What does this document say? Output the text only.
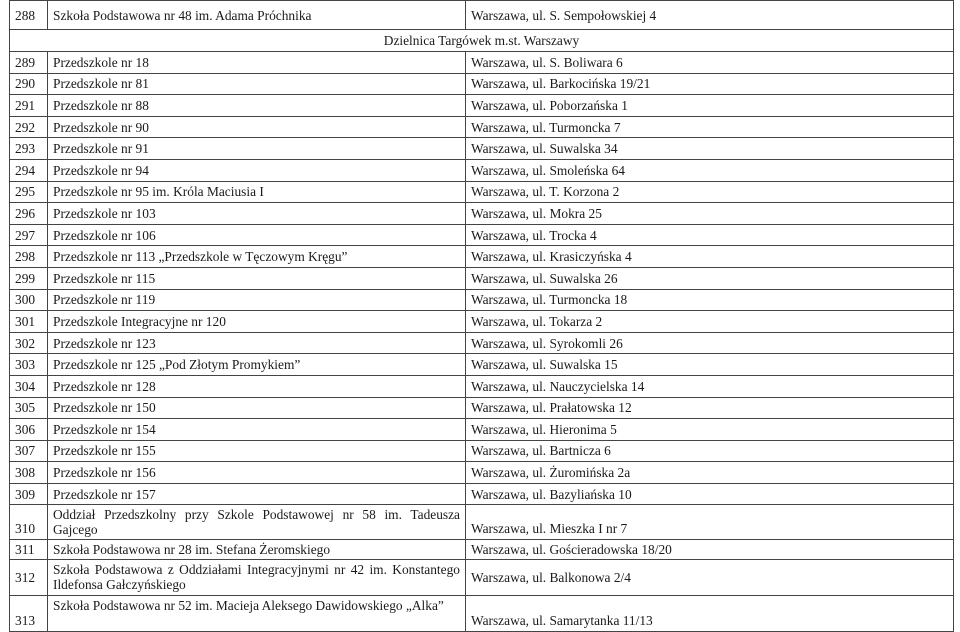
288	Szkoła Podstawowa nr 48 im. Adama Próchnika	Warszawa, ul. S. Sempołowskiej 4
Dzielnica Targówek m.st. Warszawy		
289	Przedszkole nr 18	Warszawa, ul. S. Boliwara 6
290	Przedszkole nr 81	Warszawa, ul. Barkocińska 19/21
291	Przedszkole nr 88	Warszawa, ul. Poborzańska 1
292	Przedszkole nr 90	Warszawa, ul. Turmoncka 7
293	Przedszkole nr 91	Warszawa, ul. Suwalska 34
294	Przedszkole nr 94	Warszawa, ul. Smoleńska 64
295	Przedszkole nr 95 im. Króla Maciusia I	Warszawa, ul. T. Korzona 2
296	Przedszkole nr 103	Warszawa, ul. Mokra 25
297	Przedszkole nr 106	Warszawa, ul. Trocka 4
298	Przedszkole nr 113 „Przedszkole w Tęczowym Kręgu”	Warszawa, ul. Krasiczyńska 4
299	Przedszkole nr 115	Warszawa, ul. Suwalska 26
300	Przedszkole nr 119	Warszawa, ul. Turmoncka 18
301	Przedszkole Integracyjne nr 120	Warszawa, ul. Tokarza 2
302	Przedszkole nr 123	Warszawa, ul. Syrokomli 26
303	Przedszkole nr 125 „Pod Złotym Promykiem”	Warszawa, ul. Suwalska 15
304	Przedszkole nr 128	Warszawa, ul. Nauczycielska 14
305	Przedszkole nr 150	Warszawa, ul. Prałatowska 12
306	Przedszkole nr 154	Warszawa, ul. Hieronima 5
307	Przedszkole nr 155	Warszawa, ul. Bartnicza 6
308	Przedszkole nr 156	Warszawa, ul. Żuromińska 2a
309	Przedszkole nr 157	Warszawa, ul. Bazyliańska 10
310	Oddział Przedszkolny przy Szkole Podstawowej nr 58 im. Tadeusza Gajcego	Warszawa, ul. Mieszka I nr 7
311	Szkoła Podstawowa nr 28 im. Stefana Żeromskiego	Warszawa, ul. Gościeradowska 18/20
312	Szkoła Podstawowa z Oddziałami Integracyjnymi nr 42 im. Konstantego Ildefonsa Gałczyńskiego	Warszawa, ul. Balkonowa 2/4
313	Szkoła Podstawowa nr 52 im. Macieja Aleksego Dawidowskiego „Alka”	Warszawa, ul. Samarytanka 11/13
